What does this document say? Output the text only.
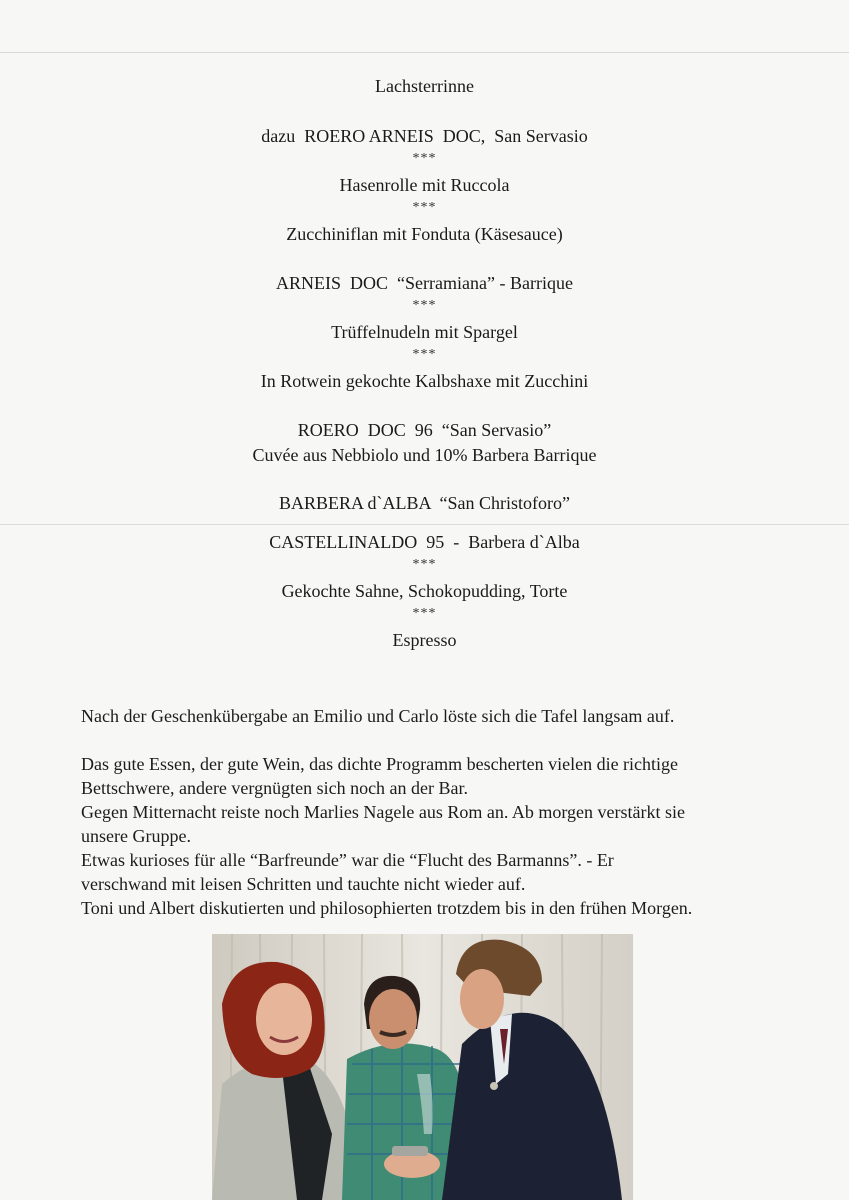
Lachsterrinne
dazu  ROERO ARNEIS  DOC,  San Servasio
***
Hasenrolle mit Ruccola
***
Zucchiniflan mit Fonduta (Käsesauce)
ARNEIS  DOC  “Serramiana” - Barrique
***
Trüffelnudeln mit Spargel
***
In Rotwein gekochte Kalbshaxe mit Zucchini
ROERO  DOC  96  “San Servasio”
Cuvée aus Nebbiolo und 10% Barbera Barrique
BARBERA d`ALBA  “San Christoforo”
CASTELLINALDO  95  -  Barbera d`Alba
***
Gekochte Sahne, Schokopudding, Torte
***
Espresso

Nach der Geschenkübergabe an Emilio und Carlo löste sich die Tafel langsam auf.

Das gute Essen, der gute Wein, das dichte Programm bescherten vielen die richtige

Bettschwere, andere vergnügten sich noch an der Bar.

Gegen Mitternacht reiste noch Marlies Nagele aus Rom an. Ab morgen verstärkt sie

unsere Gruppe.

Etwas kurioses für alle “Barfreunde” war die “Flucht des Barmanns”. - Er

verschwand mit leisen Schritten und tauchte nicht wieder auf.

Toni und Albert diskutierten und philosophierten trotzdem bis in den frühen Morgen.
